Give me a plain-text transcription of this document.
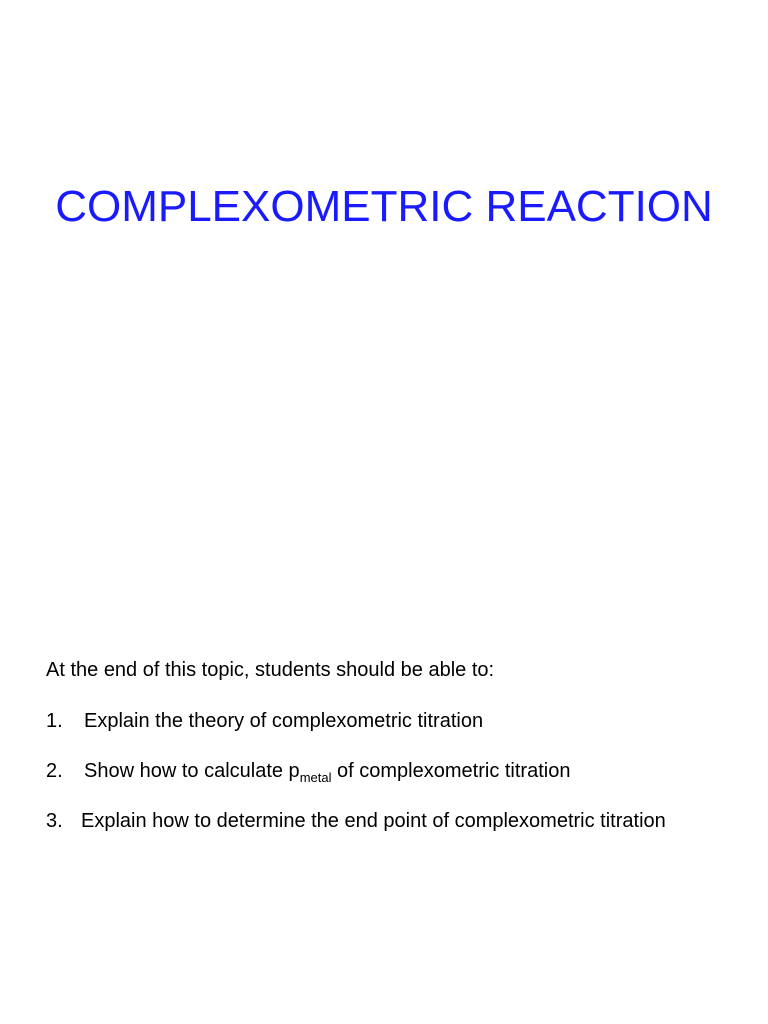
COMPLEXOMETRIC REACTION

At the end of this topic, students should be able to:

1.	Explain the theory of complexometric titration
2.	Show how to calculate $p_{metal}$ of complexometric titration
3. Explain how to determine the end point of complexometric titration
